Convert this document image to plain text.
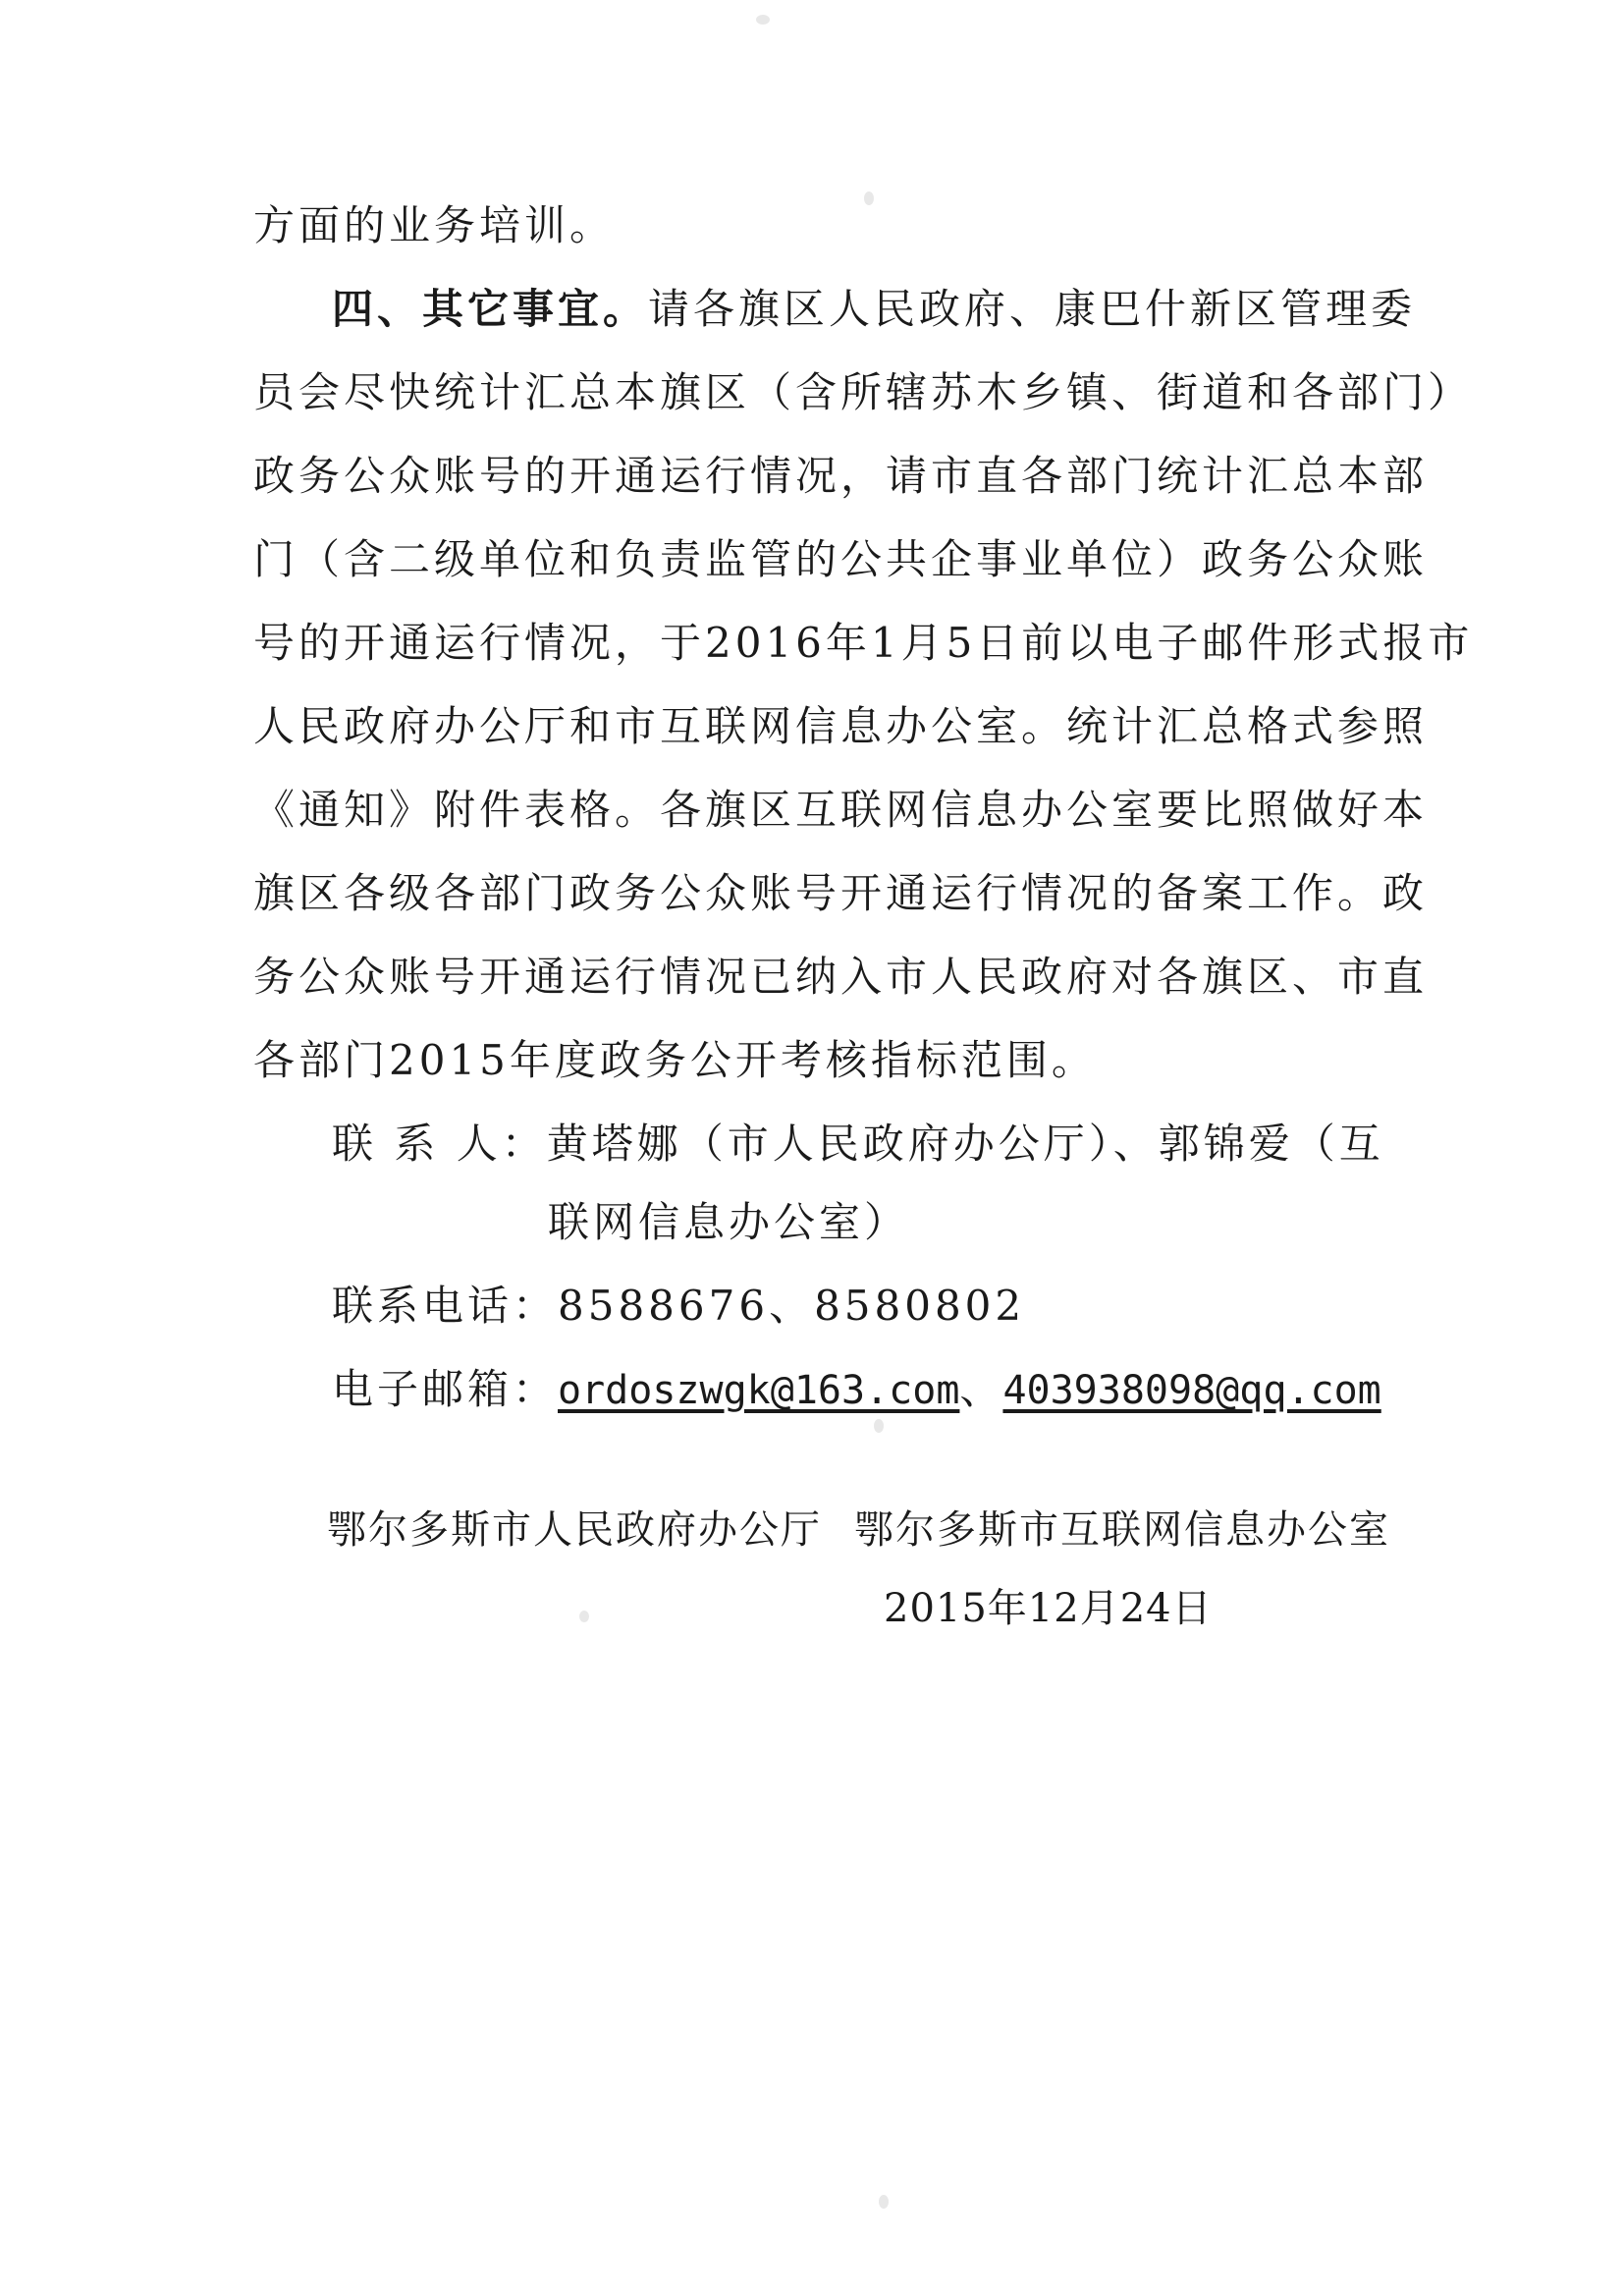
方面的业务培训。
四、其它事宜。请各旗区人民政府、康巴什新区管理委
员会尽快统计汇总本旗区（含所辖苏木乡镇、街道和各部门）
政务公众账号的开通运行情况，请市直各部门统计汇总本部
门（含二级单位和负责监管的公共企事业单位）政务公众账
号的开通运行情况，于2016年1月5日前以电子邮件形式报市
人民政府办公厅和市互联网信息办公室。统计汇总格式参照
《通知》附件表格。各旗区互联网信息办公室要比照做好本
旗区各级各部门政务公众账号开通运行情况的备案工作。政
务公众账号开通运行情况已纳入市人民政府对各旗区、市直
各部门2015年度政务公开考核指标范围。
联 系 人：黄塔娜（市人民政府办公厅）、郭锦爱（互
联网信息办公室）
联系电话：8588676、8580802
电子邮箱：ordoszwgk@163.com、403938098@qq.com
鄂尔多斯市人民政府办公厅 鄂尔多斯市互联网信息办公室
2015年12月24日
